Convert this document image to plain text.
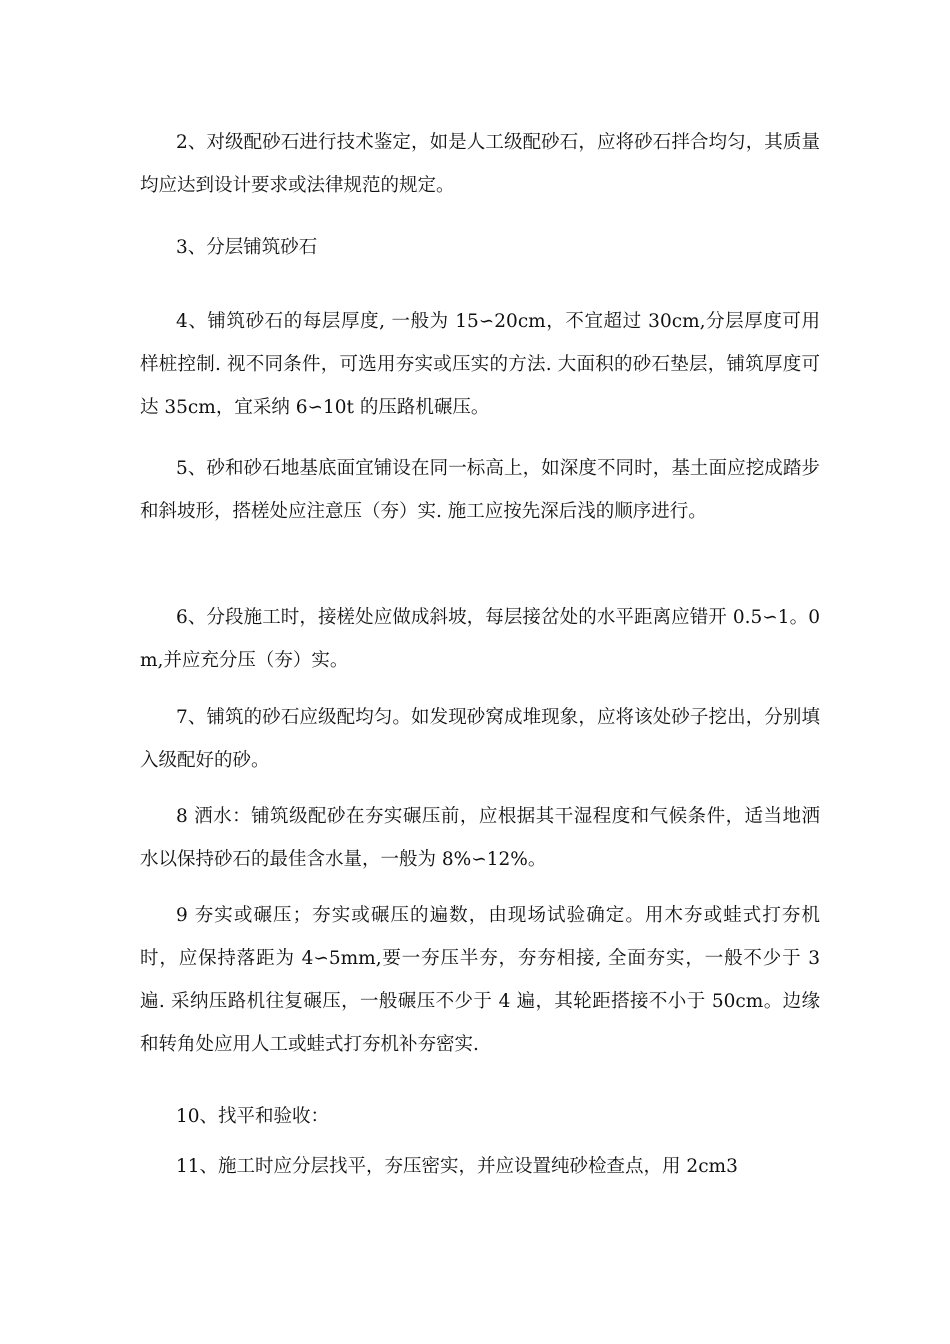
2、对级配砂石进行技术鉴定，如是人工级配砂石，应将砂石拌合均匀，其质量均应达到设计要求或法律规范的规定。

3、分层铺筑砂石

4、铺筑砂石的每层厚度, 一般为 15∽20cm，不宜超过 30cm,分层厚度可用样桩控制. 视不同条件，可选用夯实或压实的方法. 大面积的砂石垫层，铺筑厚度可达 35cm，宜采纳 6∽10t 的压路机碾压。

5、砂和砂石地基底面宜铺设在同一标高上，如深度不同时，基土面应挖成踏步和斜坡形，搭槎处应注意压（夯）实. 施工应按先深后浅的顺序进行。

6、分段施工时，接槎处应做成斜坡，每层接岔处的水平距离应错开 0.5∽1。0m,并应充分压（夯）实。

7、铺筑的砂石应级配均匀。如发现砂窝成堆现象，应将该处砂子挖出，分别填入级配好的砂。

8 洒水：铺筑级配砂在夯实碾压前，应根据其干湿程度和气候条件，适当地洒水以保持砂石的最佳含水量，一般为 8%∽12%。

9 夯实或碾压；夯实或碾压的遍数，由现场试验确定。用木夯或蛙式打夯机时，应保持落距为 4∽5mm,要一夯压半夯，夯夯相接, 全面夯实，一般不少于 3 遍. 采纳压路机往复碾压，一般碾压不少于 4 遍，其轮距搭接不小于 50cm。边缘和转角处应用人工或蛙式打夯机补夯密实.

10、找平和验收：

11、施工时应分层找平，夯压密实，并应设置纯砂检查点，用 2cm3
